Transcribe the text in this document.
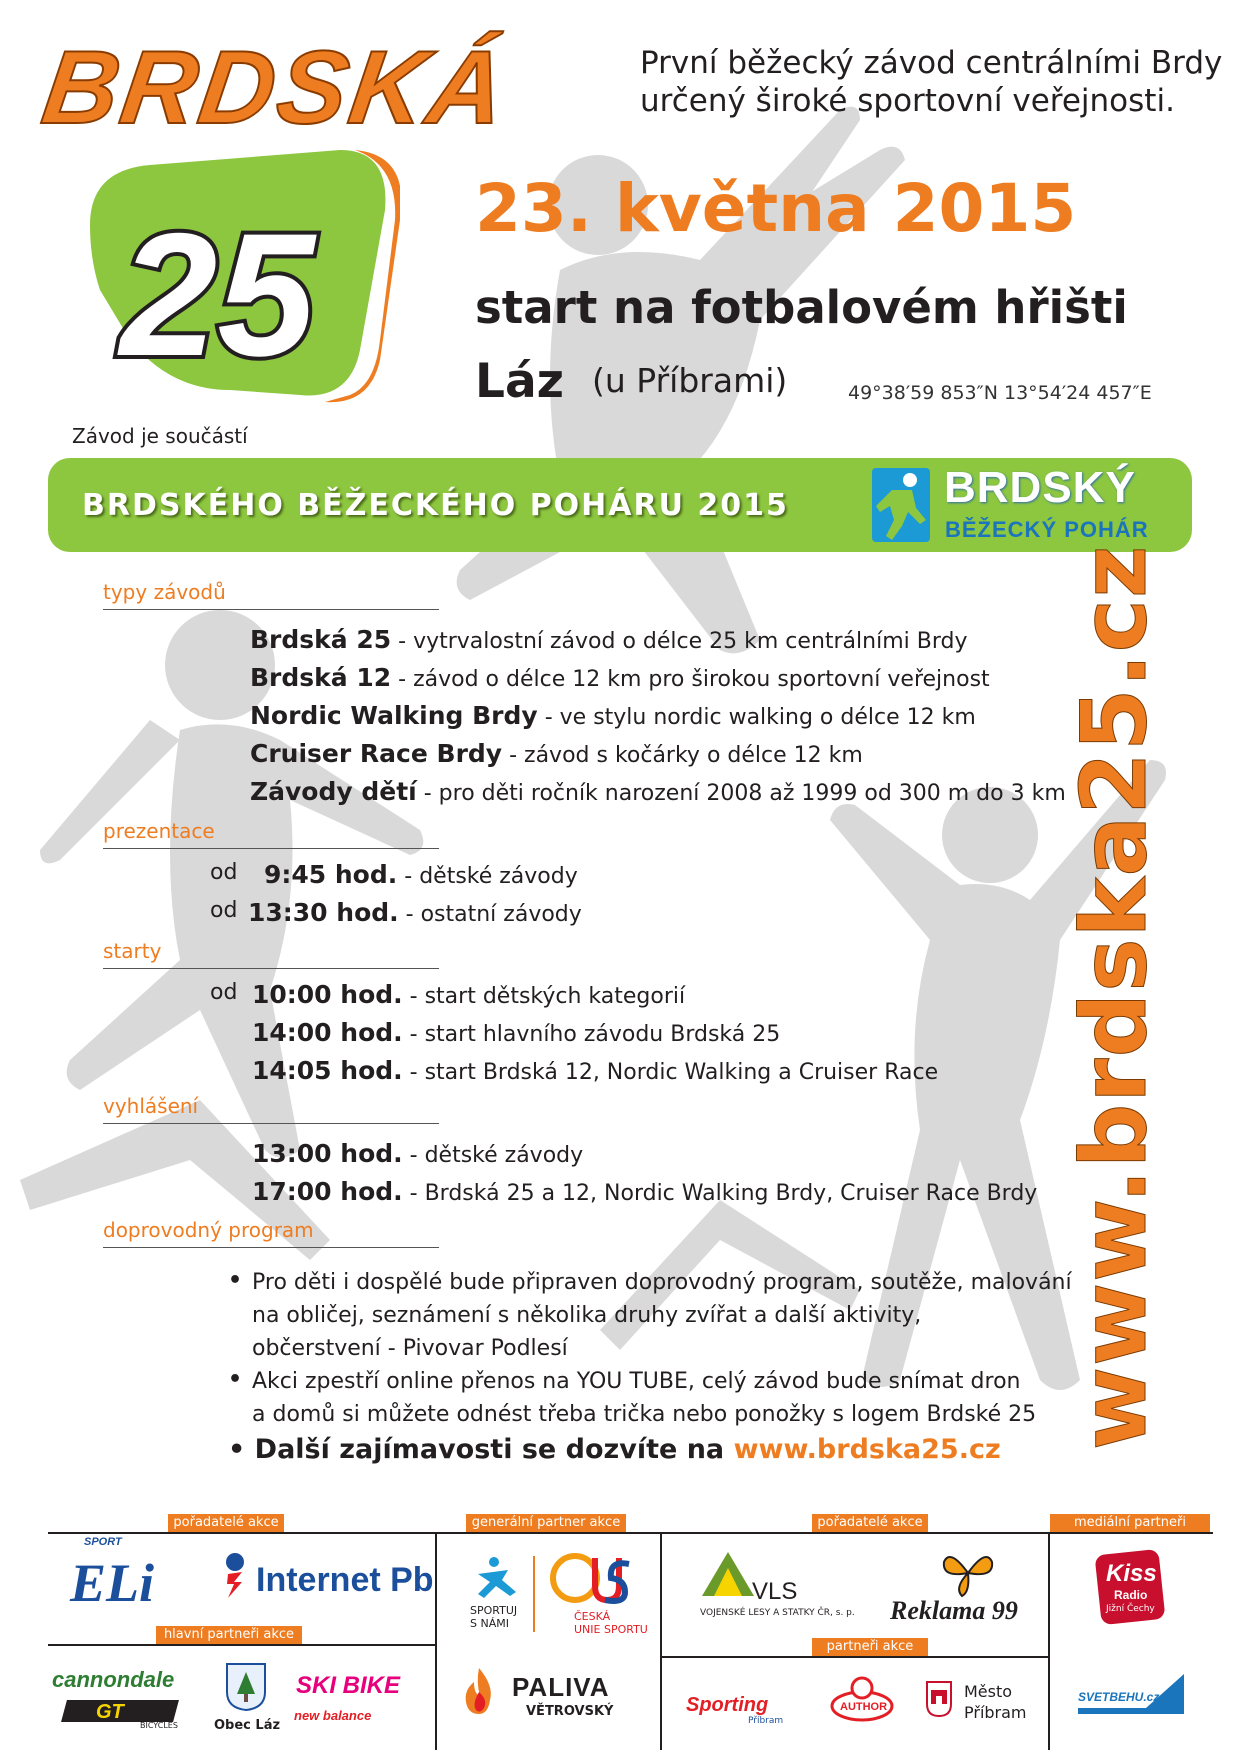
BRDSKÁ
25
První běžecký závod centrálními Brdy
určený široké sportovní veřejnosti.
23. května 2015
start na fotbalovém hřišti
Láz (u Příbrami)	49°38′59 853″N 13°54′24 457″E
Závod je součástí
BRDSKÉHO BĚŽECKÉHO POHÁRU 2015	BRDSKÝ
BĚŽECKÝ POHÁR
typy závodů
Brdská 25 - vytrvalostní závod o délce 25 km centrálními Brdy
Brdská 12 - závod o délce 12 km pro širokou sportovní veřejnost
Nordic Walking Brdy - ve stylu nordic walking o délce 12 km
Cruiser Race Brdy - závod s kočárky o délce 12 km
Závody dětí - pro děti ročník narození 2008 až 1999 od 300 m do 3 km
prezentace
od 9:45 hod. - dětské závody
od 13:30 hod. - ostatní závody
starty
od 10:00 hod. - start dětských kategorií
14:00 hod. - start hlavního závodu Brdská 25
14:05 hod. - start Brdská 12, Nordic Walking a Cruiser Race
vyhlášení
13:00 hod. - dětské závody
17:00 hod. - Brdská 25 a 12, Nordic Walking Brdy, Cruiser Race Brdy
doprovodný program
• Pro děti i dospělé bude připraven doprovodný program, soutěže, malování
na obličej, seznámení s několika druhy zvířat a další aktivity,
občerstvení - Pivovar Podlesí
• Akci zpestří online přenos na YOU TUBE, celý závod bude snímat dron
a domů si můžete odnést třeba trička nebo ponožky s logem Brdské 25
• Další zajímavosti se dozvíte na www.brdska25.cz www.brdska25.cz
pořadatelé akce	generální partner akce	pořadatelé akce	mediální partneři
hlavní partneři akce
partneři akce
SPORT
ELi	Internet Pb
SPORTUJ
S NÁMI
ČESKÁ
UNIE SPORTU
VLS
VOJENSKÉ LESY A STATKY ČR, s. p. Reklama 99
Kiss
Radio
Jižní Čechy
cannondale
GT
BICYCLES	Obec Láz
SKI BIKE
new balance
PALIVA
VĚTROVSKÝ	Sporting
Příbram
AUTHOR
Město
Příbram
SVETBEHU.cz
